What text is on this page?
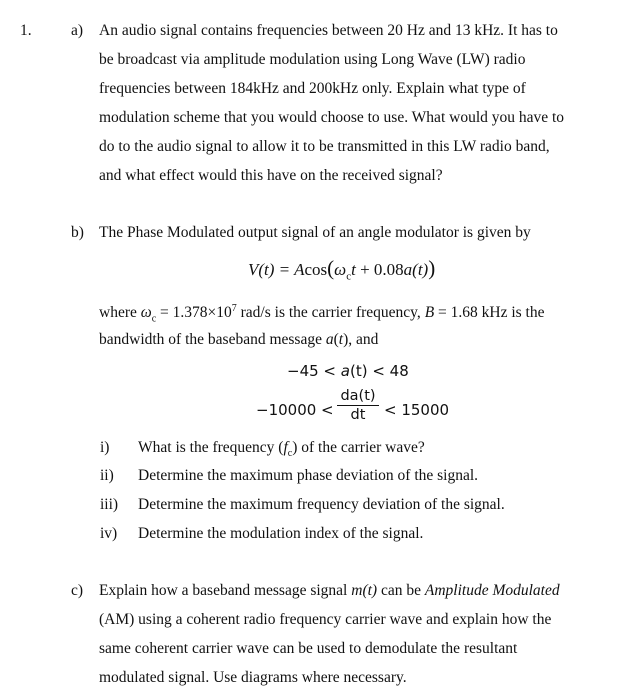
1.	a) An audio signal contains frequencies between 20 Hz and 13 kHz. It has to
be broadcast via amplitude modulation using Long Wave (LW) radio
frequencies between 184kHz and 200kHz only. Explain what type of
modulation scheme that you would choose to use. What would you have to
do to the audio signal to allow it to be transmitted in this LW radio band,
and what effect would this have on the received signal?
b) The Phase Modulated output signal of an angle modulator is given by
$V(t) = Acos(\omega_ct + 0.08a(t))$
where $\omega_c = 1.378\times 10^7$ rad/s is the carrier frequency, B = 1.68 kHz is the
bandwidth of the baseband message a(t), and
−45 < a(t) < 48
−10000 <
da(t)
dt	< 15000
i) What is the frequency $(f_c)$ of the carrier wave?
ii) Determine the maximum phase deviation of the signal.
iii) Determine the maximum frequency deviation of the signal.
iv) Determine the modulation index of the signal.
c) Explain how a baseband message signal m(t) can be Amplitude Modulated
(AM) using a coherent radio frequency carrier wave and explain how the
same coherent carrier wave can be used to demodulate the resultant
modulated signal. Use diagrams where necessary.
